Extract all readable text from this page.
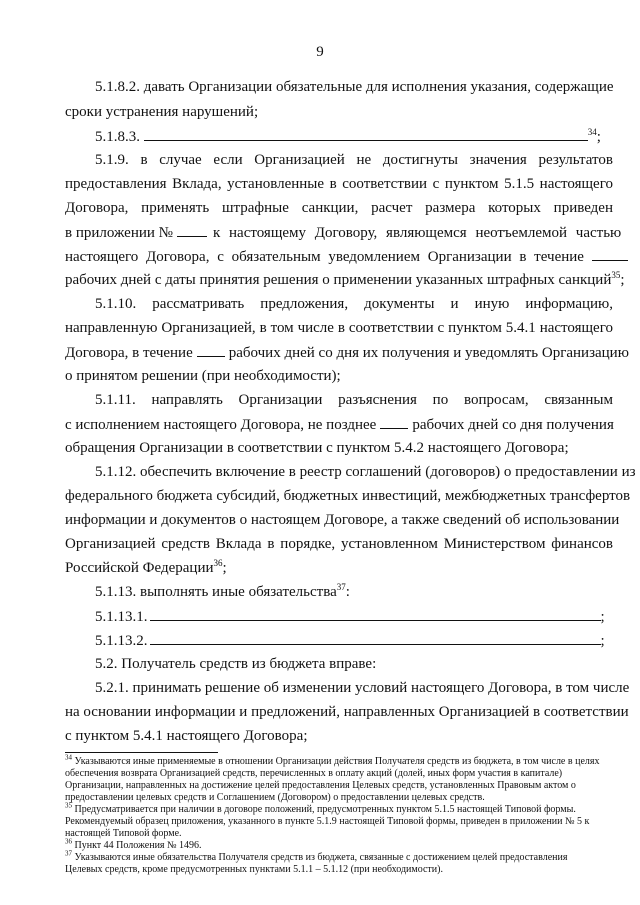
9
5.1.8.2. давать Организации обязательные для исполнения указания, содержащие
сроки устранения нарушений;
5.1.8.3.	$^{34}$;
5.1.9. в случае если Организацией не достигнуты значения результатов
предоставления Вклада, установленные в соответствии с пунктом 5.1.5 настоящего
Договора, применять штрафные санкции, расчет размера которых приведен
в приложении №	к настоящему Договору, являющемся неотъемлемой частью
настоящего Договора, с обязательным уведомлением Организации в течение
рабочих дней с даты принятия решения о применении указанных штрафных санкций$^{35}$;
5.1.10. рассматривать предложения, документы и иную информацию,
направленную Организацией, в том числе в соответствии с пунктом 5.4.1 настоящего
Договора, в течение рабочих дней со дня их получения и уведомлять Организацию
о принятом решении (при необходимости);
5.1.11. направлять Организации разъяснения по вопросам, связанным
с исполнением настоящего Договора, не позднее рабочих дней со дня получения
обращения Организации в соответствии с пунктом 5.4.2 настоящего Договора;
5.1.12. обеспечить включение в реестр соглашений (договоров) о предоставлении из
федерального бюджета субсидий, бюджетных инвестиций, межбюджетных трансфертов
информации и документов о настоящем Договоре, а также сведений об использовании
Организацией средств Вклада в порядке, установленном Министерством финансов
Российской Федерации$^{36}$;
5.1.13. выполнять иные обязательства$^{37}$:
5.1.13.1.	;
5.1.13.2.	;
5.2. Получатель средств из бюджета вправе:
5.2.1. принимать решение об изменении условий настоящего Договора, в том числе
на основании информации и предложений, направленных Организацией в соответствии
с пунктом 5.4.1 настоящего Договора;
$^{34}$ Указываются иные применяемые в отношении Организации действия Получателя средств из бюджета, в том числе в целях
обеспечения возврата Организацией средств, перечисленных в оплату акций (долей, иных форм участия в капитале)
Организации, направленных на достижение целей предоставления Целевых средств, установленных Правовым актом о
предоставлении целевых средств и Соглашением (Договором) о предоставлении целевых средств.
$^{35}$ Предусматривается при наличии в договоре положений, предусмотренных пунктом 5.1.5 настоящей Типовой формы.
Рекомендуемый образец приложения, указанного в пункте 5.1.9 настоящей Типовой формы, приведен в приложении № 5 к
настоящей Типовой форме.
$^{36}$ Пункт 44 Положения № 1496.
$^{37}$ Указываются иные обязательства Получателя средств из бюджета, связанные с достижением целей предоставления
Целевых средств, кроме предусмотренных пунктами 5.1.1 – 5.1.12 (при необходимости).
